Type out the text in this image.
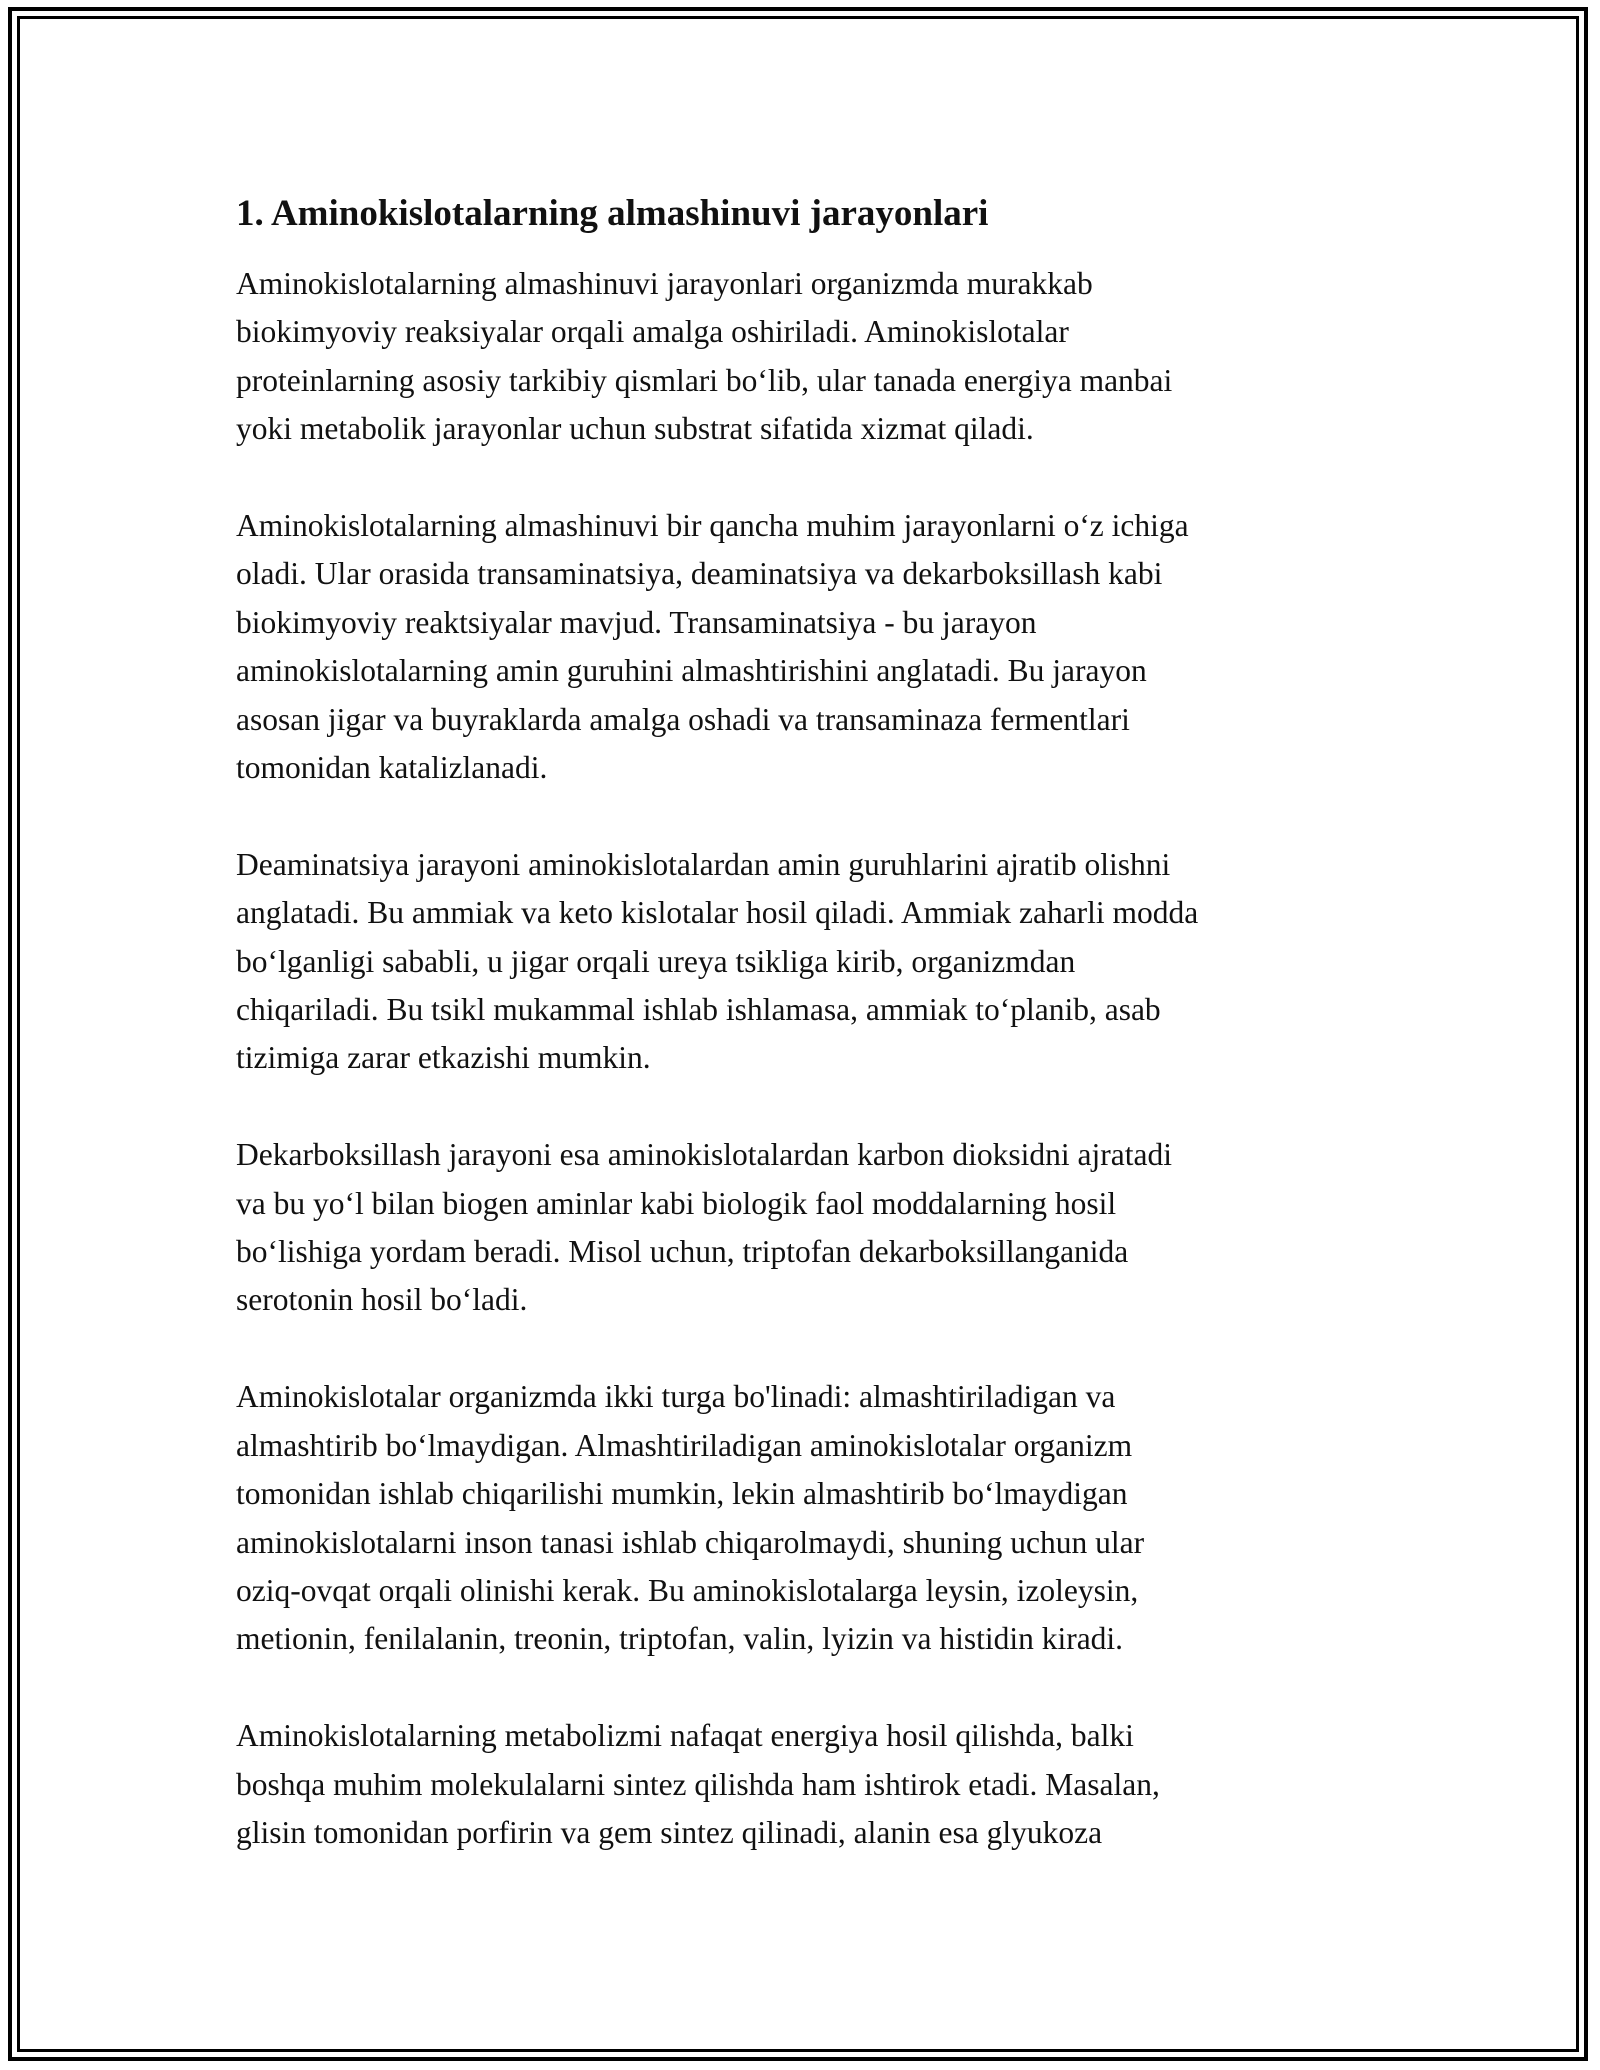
1. Aminokislotalarning almashinuvi jarayonlari

Aminokislotalarning almashinuvi jarayonlari organizmda murakkab
biokimyoviy reaksiyalar orqali amalga oshiriladi. Aminokislotalar
proteinlarning asosiy tarkibiy qismlari bo‘lib, ular tanada energiya manbai
yoki metabolik jarayonlar uchun substrat sifatida xizmat qiladi.

Aminokislotalarning almashinuvi bir qancha muhim jarayonlarni o‘z ichiga
oladi. Ular orasida transaminatsiya, deaminatsiya va dekarboksillash kabi
biokimyoviy reaktsiyalar mavjud. Transaminatsiya - bu jarayon
aminokislotalarning amin guruhini almashtirishini anglatadi. Bu jarayon
asosan jigar va buyraklarda amalga oshadi va transaminaza fermentlari
tomonidan katalizlanadi.

Deaminatsiya jarayoni aminokislotalardan amin guruhlarini ajratib olishni
anglatadi. Bu ammiak va keto kislotalar hosil qiladi. Ammiak zaharli modda
bo‘lganligi sababli, u jigar orqali ureya tsikliga kirib, organizmdan
chiqariladi. Bu tsikl mukammal ishlab ishlamasa, ammiak to‘planib, asab
tizimiga zarar etkazishi mumkin.

Dekarboksillash jarayoni esa aminokislotalardan karbon dioksidni ajratadi
va bu yo‘l bilan biogen aminlar kabi biologik faol moddalarning hosil
bo‘lishiga yordam beradi. Misol uchun, triptofan dekarboksillanganida
serotonin hosil bo‘ladi.

Aminokislotalar organizmda ikki turga bo'linadi: almashtiriladigan va
almashtirib bo‘lmaydigan. Almashtiriladigan aminokislotalar organizm
tomonidan ishlab chiqarilishi mumkin, lekin almashtirib bo‘lmaydigan
aminokislotalarni inson tanasi ishlab chiqarolmaydi, shuning uchun ular
oziq-ovqat orqali olinishi kerak. Bu aminokislotalarga leysin, izoleysin,
metionin, fenilalanin, treonin, triptofan, valin, lyizin va histidin kiradi.

Aminokislotalarning metabolizmi nafaqat energiya hosil qilishda, balki
boshqa muhim molekulalarni sintez qilishda ham ishtirok etadi. Masalan,
glisin tomonidan porfirin va gem sintez qilinadi, alanin esa glyukoza
